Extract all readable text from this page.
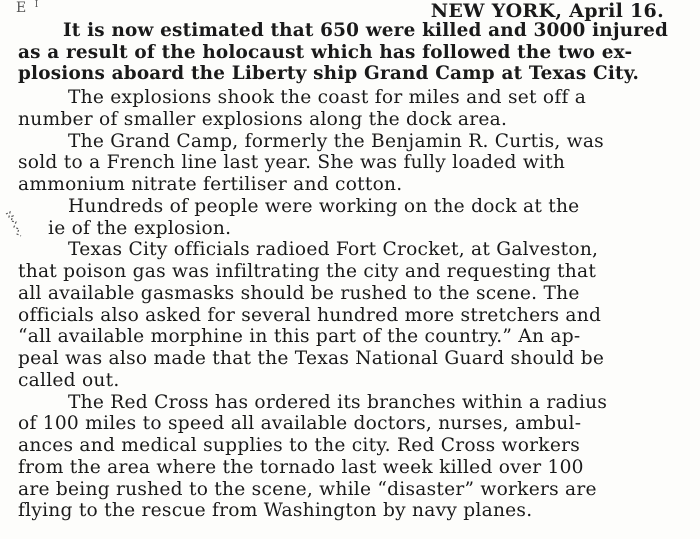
E $^I$	NEW YORK, April 16.
It is now estimated that 650 were killed and 3000 injured
as a result of the holocaust which has followed the two ex-
plosions aboard the Liberty ship Grand Camp at Texas City.
The explosions shook the coast for miles and set off a
number of smaller explosions along the dock area.
The Grand Camp, formerly the Benjamin R. Curtis, was
sold to a French line last year. She was fully loaded with
ammonium nitrate fertiliser and cotton.
Hundreds of people were working on the dock at the
ie of the explosion.
Texas City officials radioed Fort Crocket, at Galveston,
that poison gas was infiltrating the city and requesting that
all available gasmasks should be rushed to the scene. The
officials also asked for several hundred more stretchers and
“all available morphine in this part of the country.” An ap-
peal was also made that the Texas National Guard should be
called out.
The Red Cross has ordered its branches within a radius
of 100 miles to speed all available doctors, nurses, ambul-
ances and medical supplies to the city. Red Cross workers
from the area where the tornado last week killed over 100
are being rushed to the scene, while “disaster” workers are
flying to the rescue from Washington by navy planes.
